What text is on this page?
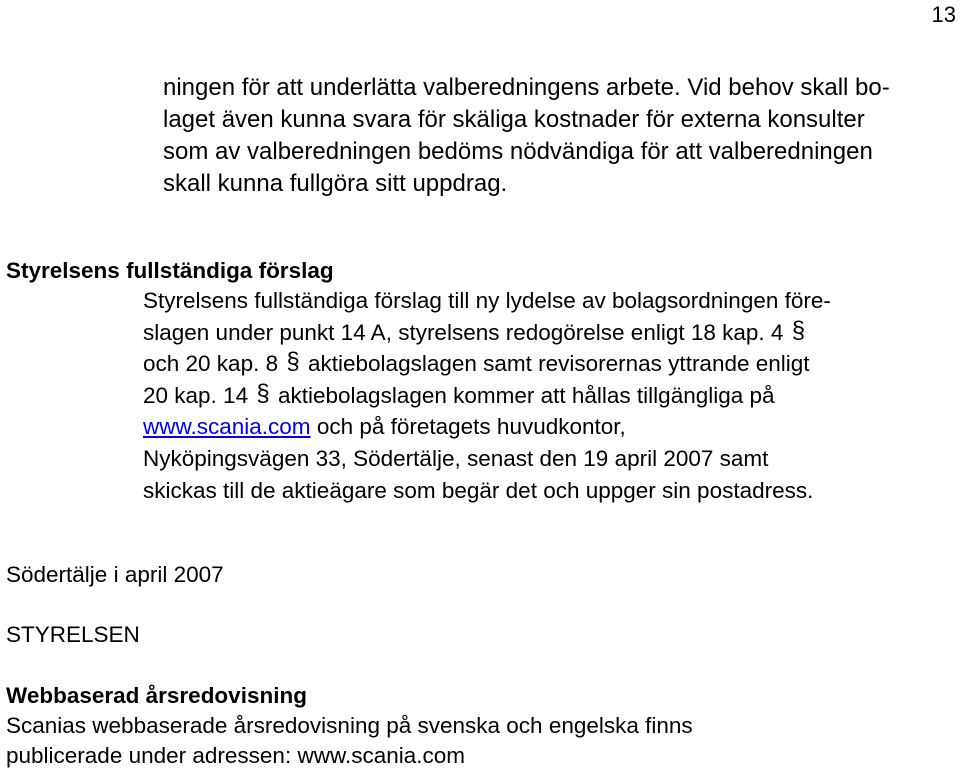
13
ningen för att underlätta valberedningens arbete. Vid behov skall bo-
laget även kunna svara för skäliga kostnader för externa konsulter
som av valberedningen bedöms nödvändiga för att valberedningen
skall kunna fullgöra sitt uppdrag.
Styrelsens fullständiga förslag
Styrelsens fullständiga förslag till ny lydelse av bolagsordningen före-
slagen under punkt 14 A, styrelsens redogörelse enligt 18 kap. 4 §
och 20 kap. 8 § aktiebolagslagen samt revisorernas yttrande enligt
20 kap. 14 § aktiebolagslagen kommer att hållas tillgängliga på
www.scania.com och på företagets huvudkontor,
Nyköpingsvägen 33, Södertälje, senast den 19 april 2007 samt
skickas till de aktieägare som begär det och uppger sin postadress.
Södertälje i april 2007
STYRELSEN
Webbaserad årsredovisning
Scanias webbaserade årsredovisning på svenska och engelska finns
publicerade under adressen: www.scania.com
